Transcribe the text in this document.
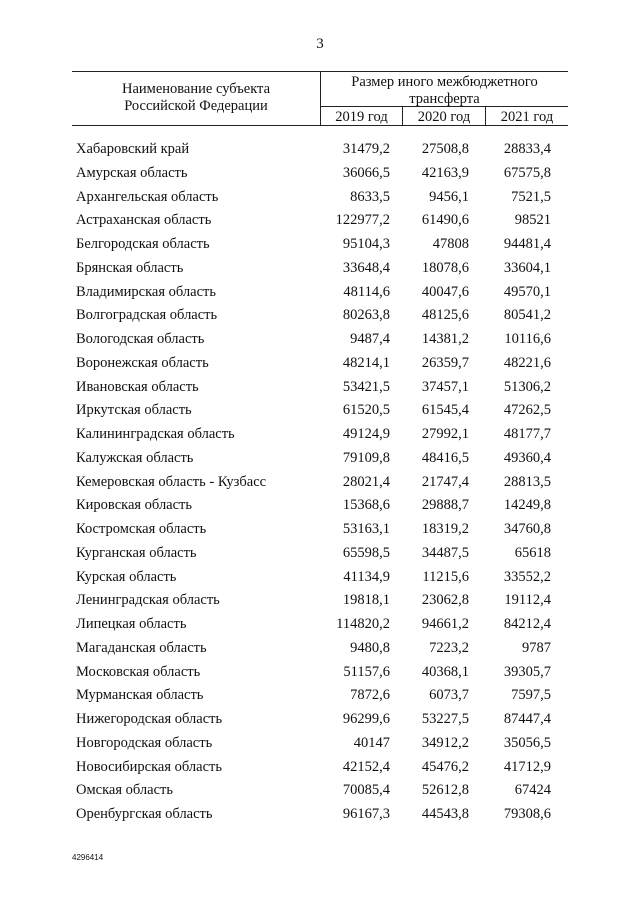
3
Наименование субъекта
Российской Федерации
Размер иного межбюджетного
трансферта
2019 год	2020 год	2021 год
Хабаровский край	31479,2	27508,8	28833,4
Амурская область	36066,5	42163,9	67575,8
Архангельская область	8633,5	9456,1	7521,5
Астраханская область	122977,2	61490,6	98521
Белгородская область	95104,3	47808	94481,4
Брянская область	33648,4	18078,6	33604,1
Владимирская область	48114,6	40047,6	49570,1
Волгоградская область	80263,8	48125,6	80541,2
Вологодская область	9487,4	14381,2	10116,6
Воронежская область	48214,1	26359,7	48221,6
Ивановская область	53421,5	37457,1	51306,2
Иркутская область	61520,5	61545,4	47262,5
Калининградская область	49124,9	27992,1	48177,7
Калужская область	79109,8	48416,5	49360,4
Кемеровская область - Кузбасс	28021,4	21747,4	28813,5
Кировская область	15368,6	29888,7	14249,8
Костромская область	53163,1	18319,2	34760,8
Курганская область	65598,5	34487,5	65618
Курская область	41134,9	11215,6	33552,2
Ленинградская область	19818,1	23062,8	19112,4
Липецкая область	114820,2	94661,2	84212,4
Магаданская область	9480,8	7223,2	9787
Московская область	51157,6	40368,1	39305,7
Мурманская область	7872,6	6073,7	7597,5
Нижегородская область	96299,6	53227,5	87447,4
Новгородская область	40147	34912,2	35056,5
Новосибирская область	42152,4	45476,2	41712,9
Омская область	70085,4	52612,8	67424
Оренбургская область	96167,3	44543,8	79308,6
4296414
